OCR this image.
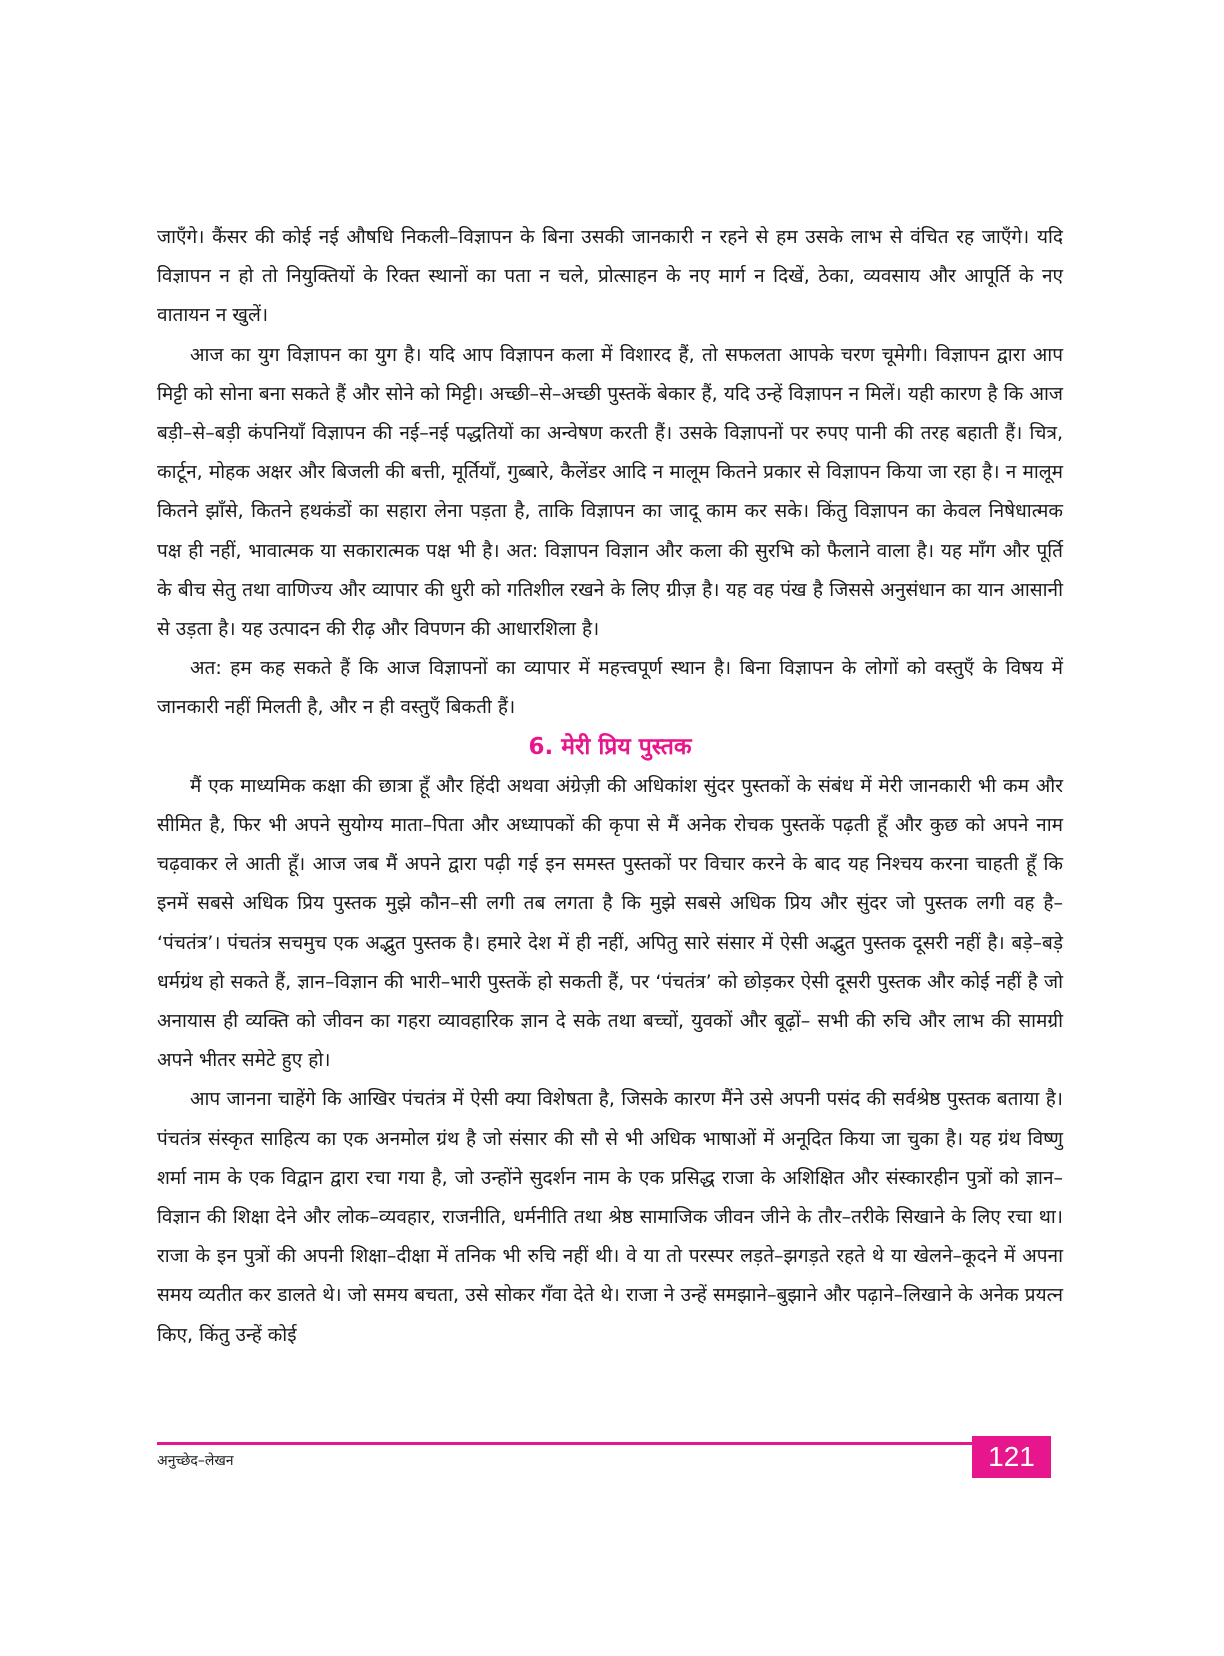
जाएँगे। कैंसर की कोई नई औषधि निकली–विज्ञापन के बिना उसकी जानकारी न रहने से हम उसके लाभ से वंचित रह जाएँगे। यदि विज्ञापन न हो तो नियुक्तियों के रिक्त स्थानों का पता न चले, प्रोत्साहन के नए मार्ग न दिखें, ठेका, व्यवसाय और आपूर्ति के नए वातायन न खुलें।

आज का युग विज्ञापन का युग है। यदि आप विज्ञापन कला में विशारद हैं, तो सफलता आपके चरण चूमेगी। विज्ञापन द्वारा आप मिट्टी को सोना बना सकते हैं और सोने को मिट्टी। अच्छी–से–अच्छी पुस्तकें बेकार हैं, यदि उन्हें विज्ञापन न मिलें। यही कारण है कि आज बड़ी–से–बड़ी कंपनियाँ विज्ञापन की नई–नई पद्धतियों का अन्वेषण करती हैं। उसके विज्ञापनों पर रुपए पानी की तरह बहाती हैं। चित्र, कार्टून, मोहक अक्षर और बिजली की बत्ती, मूर्तियाँ, गुब्बारे, कैलेंडर आदि न मालूम कितने प्रकार से विज्ञापन किया जा रहा है। न मालूम कितने झाँसे, कितने हथकंडों का सहारा लेना पड़ता है, ताकि विज्ञापन का जादू काम कर सके। किंतु विज्ञापन का केवल निषेधात्मक पक्ष ही नहीं, भावात्मक या सकारात्मक पक्ष भी है। अत: विज्ञापन विज्ञान और कला की सुरभि को फैलाने वाला है। यह माँग और पूर्ति के बीच सेतु तथा वाणिज्य और व्यापार की धुरी को गतिशील रखने के लिए ग्रीज़ है। यह वह पंख है जिससे अनुसंधान का यान आसानी से उड़ता है। यह उत्पादन की रीढ़ और विपणन की आधारशिला है।

अत: हम कह सकते हैं कि आज विज्ञापनों का व्यापार में महत्त्वपूर्ण स्थान है। बिना विज्ञापन के लोगों को वस्तुएँ के विषय में जानकारी नहीं मिलती है, और न ही वस्तुएँ बिकती हैं।

6. मेरी प्रिय पुस्तक

मैं एक माध्यमिक कक्षा की छात्रा हूँ और हिंदी अथवा अंग्रेज़ी की अधिकांश सुंदर पुस्तकों के संबंध में मेरी जानकारी भी कम और सीमित है, फिर भी अपने सुयोग्य माता–पिता और अध्यापकों की कृपा से मैं अनेक रोचक पुस्तकें पढ़ती हूँ और कुछ को अपने नाम चढ़वाकर ले आती हूँ। आज जब मैं अपने द्वारा पढ़ी गई इन समस्त पुस्तकों पर विचार करने के बाद यह निश्चय करना चाहती हूँ कि इनमें सबसे अधिक प्रिय पुस्तक मुझे कौन–सी लगी तब लगता है कि मुझे सबसे अधिक प्रिय और सुंदर जो पुस्तक लगी वह है– ‘पंचतंत्र’। पंचतंत्र सचमुच एक अद्भुत पुस्तक है। हमारे देश में ही नहीं, अपितु सारे संसार में ऐसी अद्भुत पुस्तक दूसरी नहीं है। बड़े–बड़े धर्मग्रंथ हो सकते हैं, ज्ञान–विज्ञान की भारी–भारी पुस्तकें हो सकती हैं, पर ‘पंचतंत्र’ को छोड़कर ऐसी दूसरी पुस्तक और कोई नहीं है जो अनायास ही व्यक्ति को जीवन का गहरा व्यावहारिक ज्ञान दे सके तथा बच्चों, युवकों और बूढ़ों– सभी की रुचि और लाभ की सामग्री अपने भीतर समेटे हुए हो।

आप जानना चाहेंगे कि आखिर पंचतंत्र में ऐसी क्या विशेषता है, जिसके कारण मैंने उसे अपनी पसंद की सर्वश्रेष्ठ पुस्तक बताया है। पंचतंत्र संस्कृत साहित्य का एक अनमोल ग्रंथ है जो संसार की सौ से भी अधिक भाषाओं में अनूदित किया जा चुका है। यह ग्रंथ विष्णु शर्मा नाम के एक विद्वान द्वारा रचा गया है, जो उन्होंने सुदर्शन नाम के एक प्रसिद्ध राजा के अशिक्षित और संस्कारहीन पुत्रों को ज्ञान–विज्ञान की शिक्षा देने और लोक–व्यवहार, राजनीति, धर्मनीति तथा श्रेष्ठ सामाजिक जीवन जीने के तौर–तरीके सिखाने के लिए रचा था। राजा के इन पुत्रों की अपनी शिक्षा–दीक्षा में तनिक भी रुचि नहीं थी। वे या तो परस्पर लड़ते–झगड़ते रहते थे या खेलने–कूदने में अपना समय व्यतीत कर डालते थे। जो समय बचता, उसे सोकर गँवा देते थे। राजा ने उन्हें समझाने–बुझाने और पढ़ाने–लिखाने के अनेक प्रयत्न किए, किंतु उन्हें कोई

अनुच्छेद–लेखन	121
